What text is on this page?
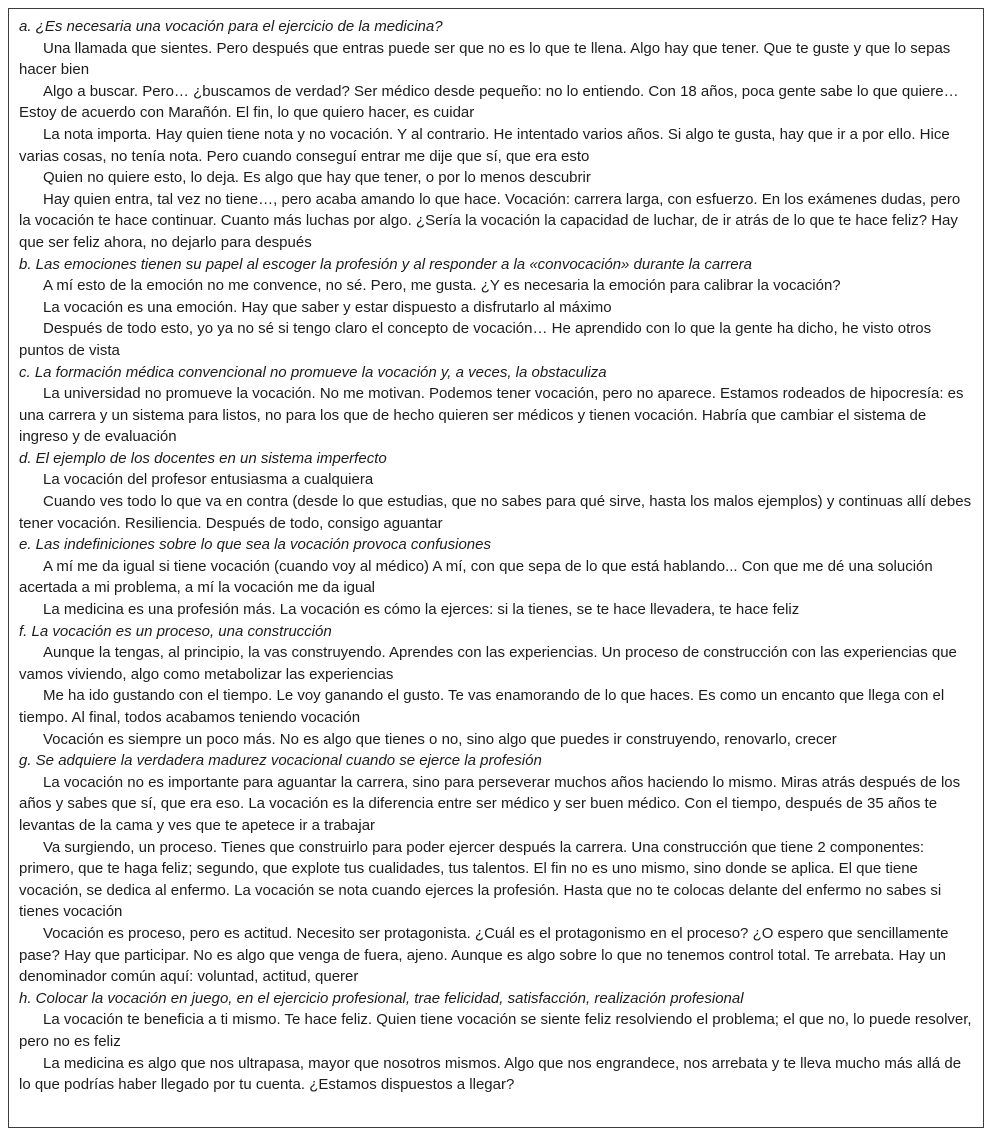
a. ¿Es necesaria una vocación para el ejercicio de la medicina?

Una llamada que sientes. Pero después que entras puede ser que no es lo que te llena. Algo hay que tener. Que te guste y que lo sepas hacer bien

Algo a buscar. Pero… ¿buscamos de verdad? Ser médico desde pequeño: no lo entiendo. Con 18 años, poca gente sabe lo que quiere… Estoy de acuerdo con Marañón. El fin, lo que quiero hacer, es cuidar

La nota importa. Hay quien tiene nota y no vocación. Y al contrario. He intentado varios años. Si algo te gusta, hay que ir a por ello. Hice varias cosas, no tenía nota. Pero cuando conseguí entrar me dije que sí, que era esto

Quien no quiere esto, lo deja. Es algo que hay que tener, o por lo menos descubrir

Hay quien entra, tal vez no tiene…, pero acaba amando lo que hace. Vocación: carrera larga, con esfuerzo. En los exámenes dudas, pero la vocación te hace continuar. Cuanto más luchas por algo. ¿Sería la vocación la capacidad de luchar, de ir atrás de lo que te hace feliz? Hay que ser feliz ahora, no dejarlo para después

b. Las emociones tienen su papel al escoger la profesión y al responder a la «convocación» durante la carrera

A mí esto de la emoción no me convence, no sé. Pero, me gusta. ¿Y es necesaria la emoción para calibrar la vocación?

La vocación es una emoción. Hay que saber y estar dispuesto a disfrutarlo al máximo

Después de todo esto, yo ya no sé si tengo claro el concepto de vocación… He aprendido con lo que la gente ha dicho, he visto otros puntos de vista

c. La formación médica convencional no promueve la vocación y, a veces, la obstaculiza

La universidad no promueve la vocación. No me motivan. Podemos tener vocación, pero no aparece. Estamos rodeados de hipocresía: es una carrera y un sistema para listos, no para los que de hecho quieren ser médicos y tienen vocación. Habría que cambiar el sistema de ingreso y de evaluación

d. El ejemplo de los docentes en un sistema imperfecto

La vocación del profesor entusiasma a cualquiera

Cuando ves todo lo que va en contra (desde lo que estudias, que no sabes para qué sirve, hasta los malos ejemplos) y continuas allí debes tener vocación. Resiliencia. Después de todo, consigo aguantar

e. Las indefiniciones sobre lo que sea la vocación provoca confusiones

A mí me da igual si tiene vocación (cuando voy al médico) A mí, con que sepa de lo que está hablando... Con que me dé una solución acertada a mi problema, a mí la vocación me da igual

La medicina es una profesión más. La vocación es cómo la ejerces: si la tienes, se te hace llevadera, te hace feliz

f. La vocación es un proceso, una construcción

Aunque la tengas, al principio, la vas construyendo. Aprendes con las experiencias. Un proceso de construcción con las experiencias que vamos viviendo, algo como metabolizar las experiencias

Me ha ido gustando con el tiempo. Le voy ganando el gusto. Te vas enamorando de lo que haces. Es como un encanto que llega con el tiempo. Al final, todos acabamos teniendo vocación

Vocación es siempre un poco más. No es algo que tienes o no, sino algo que puedes ir construyendo, renovarlo, crecer

g. Se adquiere la verdadera madurez vocacional cuando se ejerce la profesión

La vocación no es importante para aguantar la carrera, sino para perseverar muchos años haciendo lo mismo. Miras atrás después de los años y sabes que sí, que era eso. La vocación es la diferencia entre ser médico y ser buen médico. Con el tiempo, después de 35 años te levantas de la cama y ves que te apetece ir a trabajar

Va surgiendo, un proceso. Tienes que construirlo para poder ejercer después la carrera. Una construcción que tiene 2 componentes: primero, que te haga feliz; segundo, que explote tus cualidades, tus talentos. El fin no es uno mismo, sino donde se aplica. El que tiene vocación, se dedica al enfermo. La vocación se nota cuando ejerces la profesión. Hasta que no te colocas delante del enfermo no sabes si tienes vocación

Vocación es proceso, pero es actitud. Necesito ser protagonista. ¿Cuál es el protagonismo en el proceso? ¿O espero que sencillamente pase? Hay que participar. No es algo que venga de fuera, ajeno. Aunque es algo sobre lo que no tenemos control total. Te arrebata. Hay un denominador común aquí: voluntad, actitud, querer

h. Colocar la vocación en juego, en el ejercicio profesional, trae felicidad, satisfacción, realización profesional

La vocación te beneficia a ti mismo. Te hace feliz. Quien tiene vocación se siente feliz resolviendo el problema; el que no, lo puede resolver, pero no es feliz

La medicina es algo que nos ultrapasa, mayor que nosotros mismos. Algo que nos engrandece, nos arrebata y te lleva mucho más allá de lo que podrías haber llegado por tu cuenta. ¿Estamos dispuestos a llegar?
